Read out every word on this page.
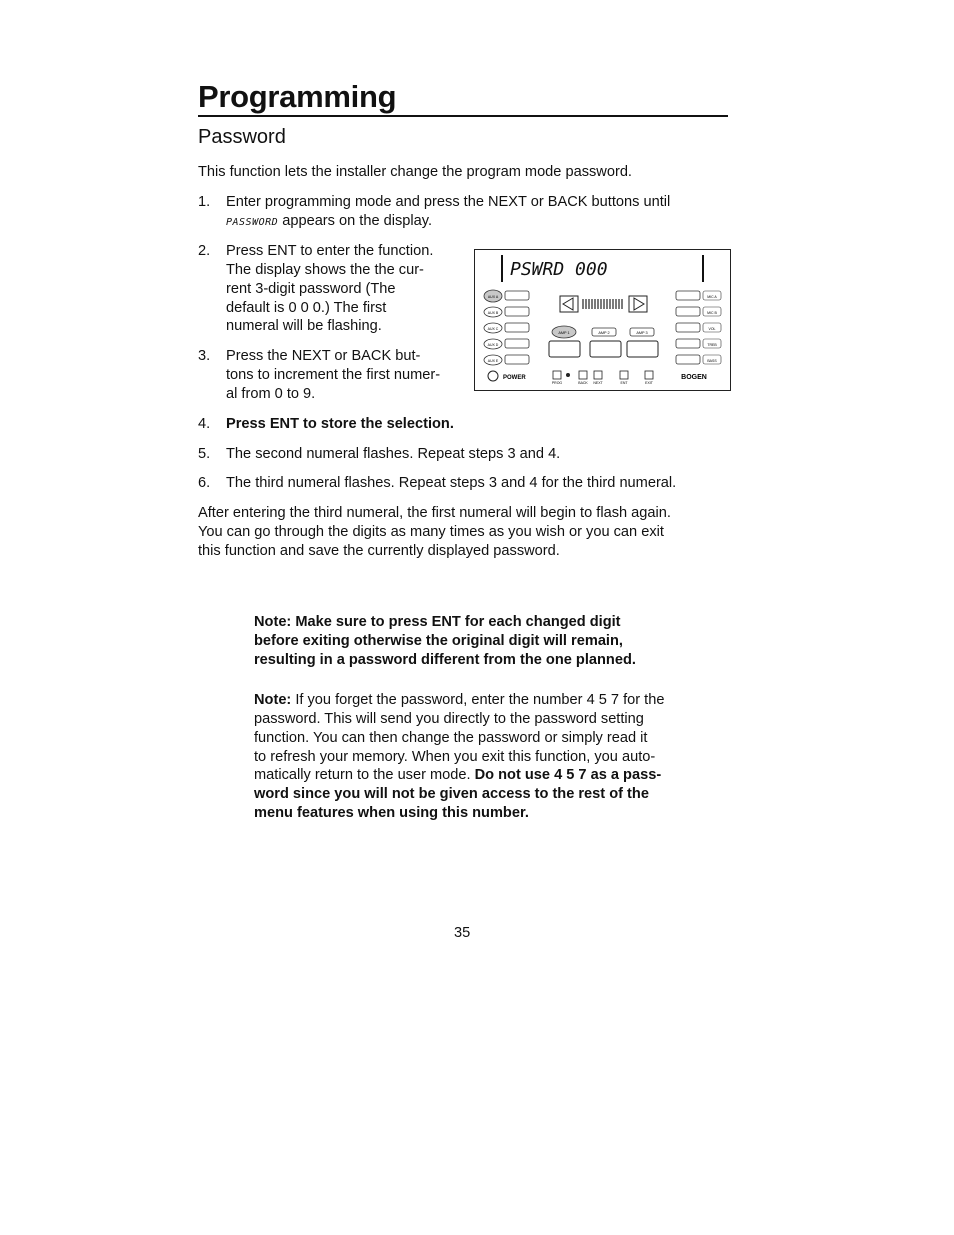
Programming
Password

This function lets the installer change the program mode password.

1. Enter programming mode and press the NEXT or BACK buttons until

PASSWORD appears on the display.

2. Press ENT to enter the function.

The display shows the the cur-

rent 3-digit password (The

default is 0 0 0.) The first

numeral will be flashing.

3. Press the NEXT or BACK but-

tons to increment the first numer-

al from 0 to 9.

4. Press ENT to store the selection.

5. The second numeral flashes. Repeat steps 3 and 4.

6. The third numeral flashes. Repeat steps 3 and 4 for the third numeral.

After entering the third numeral, the first numeral will begin to flash again.

You can go through the digits as many times as you wish or you can exit

this function and save the currently displayed password.

Note: Make sure to press ENT for each changed digit

before exiting otherwise the original digit will remain,

resulting in a password different from the one planned.

Note: If you forget the password, enter the number 4 5 7 for the

password. This will send you directly to the password setting

function. You can then change the password or simply read it

to refresh your memory. When you exit this function, you auto-

matically return to the user mode. Do not use 4 5 7 as a pass-

word since you will not be given access to the rest of the

menu features when using this number.

PSWRD 000
AUX A
AUX B
AUX C
AUX D
AUX E
AMP 1	AMP 2	AMP 3
MIC A
MIC B
VOL
TREB
BASS
POWER
PROG	BACK NEXT	ENT	EXIT
BOGEN
35
